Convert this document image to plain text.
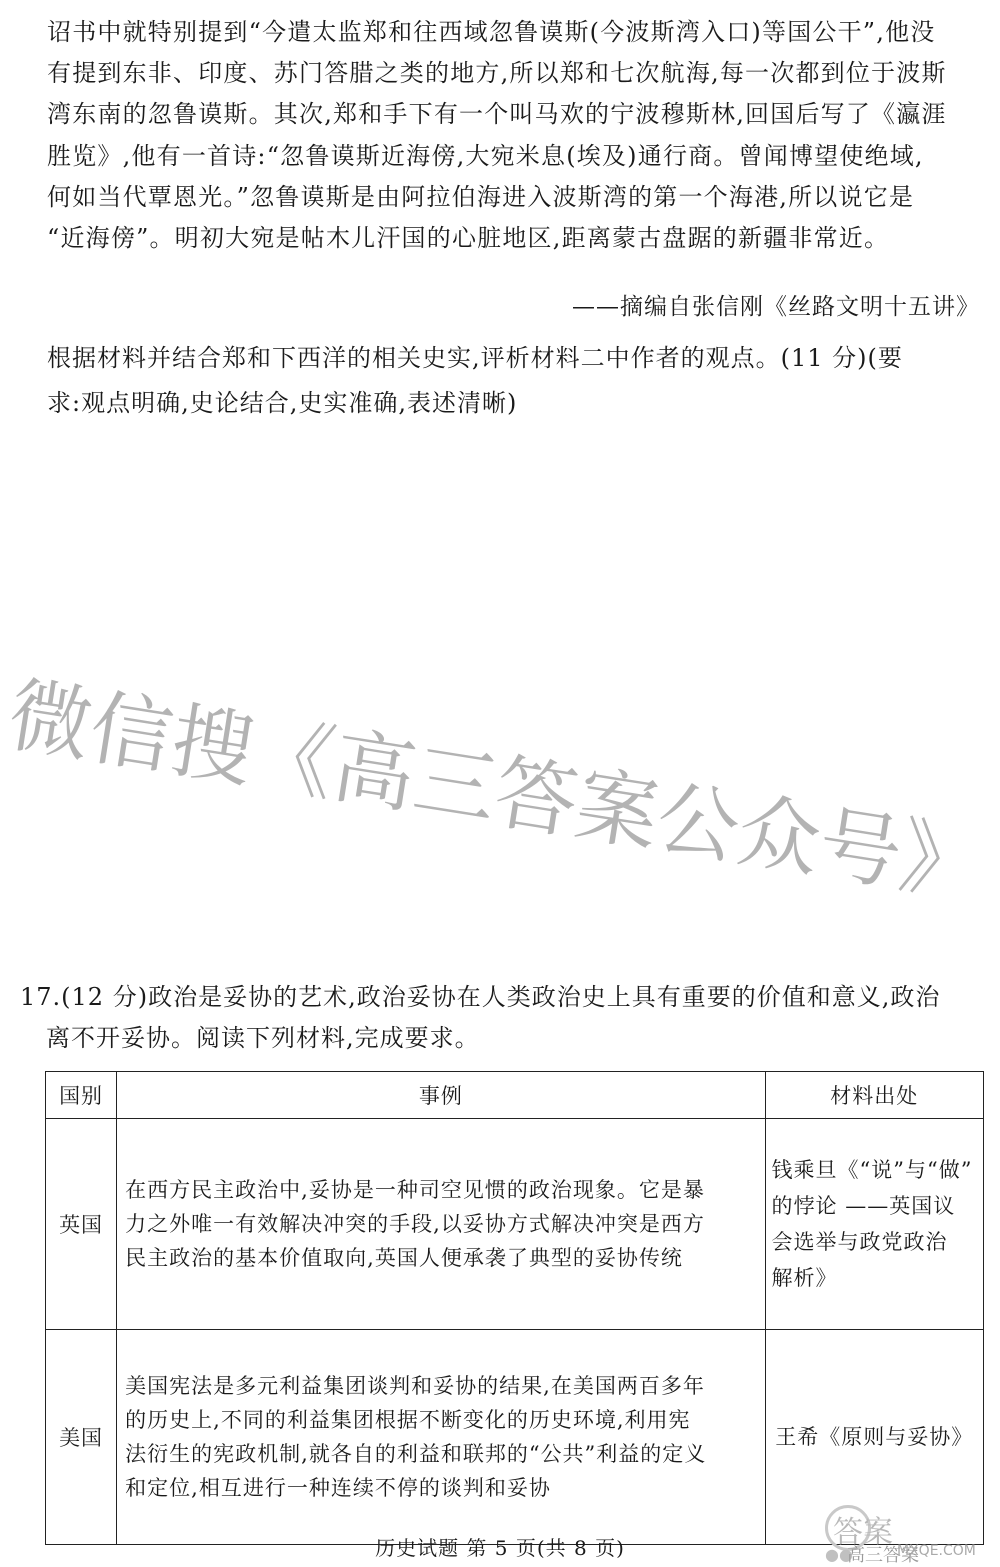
诏书中就特别提到“今遣太监郑和往西域忽鲁谟斯(今波斯湾入口)等国公干”,他没
有提到东非、印度、苏门答腊之类的地方,所以郑和七次航海,每一次都到位于波斯
湾东南的忽鲁谟斯。其次,郑和手下有一个叫马欢的宁波穆斯林,回国后写了《瀛涯
胜览》,他有一首诗:“忽鲁谟斯近海傍,大宛米息(埃及)通行商。曾闻博望使绝域,
何如当代覃恩光。”忽鲁谟斯是由阿拉伯海进入波斯湾的第一个海港,所以说它是
“近海傍”。明初大宛是帖木儿汗国的心脏地区,距离蒙古盘踞的新疆非常近。
——摘编自张信刚《丝路文明十五讲》
根据材料并结合郑和下西洋的相关史实,评析材料二中作者的观点。(11 分)(要
求:观点明确,史论结合,史实准确,表述清晰)
微信搜《高三答案公众号》
17.(12 分)政治是妥协的艺术,政治妥协在人类政治史上具有重要的价值和意义,政治
离不开妥协。阅读下列材料,完成要求。
国别	事例	材料出处
英国	在西方民主政治中,妥协是一种司空见惯的政治现象。它是暴
力之外唯一有效解决冲突的手段,以妥协方式解决冲突是西方
民主政治的基本价值取向,英国人便承袭了典型的妥协传统	钱乘旦《“说”与“做”
的悖论 ——英国议
会选举与政党政治
解析》

美国	美国宪法是多元利益集团谈判和妥协的结果,在美国两百多年
的历史上,不同的利益集团根据不断变化的历史环境,利用宪
法衍生的宪政机制,就各自的利益和联邦的“公共”利益的定义
和定位,相互进行一种连续不停的谈判和妥协	王希《原则与妥协》
历史试题 第 5 页(共 8 页)	答案
●●
高三答案
MXQE.COM
